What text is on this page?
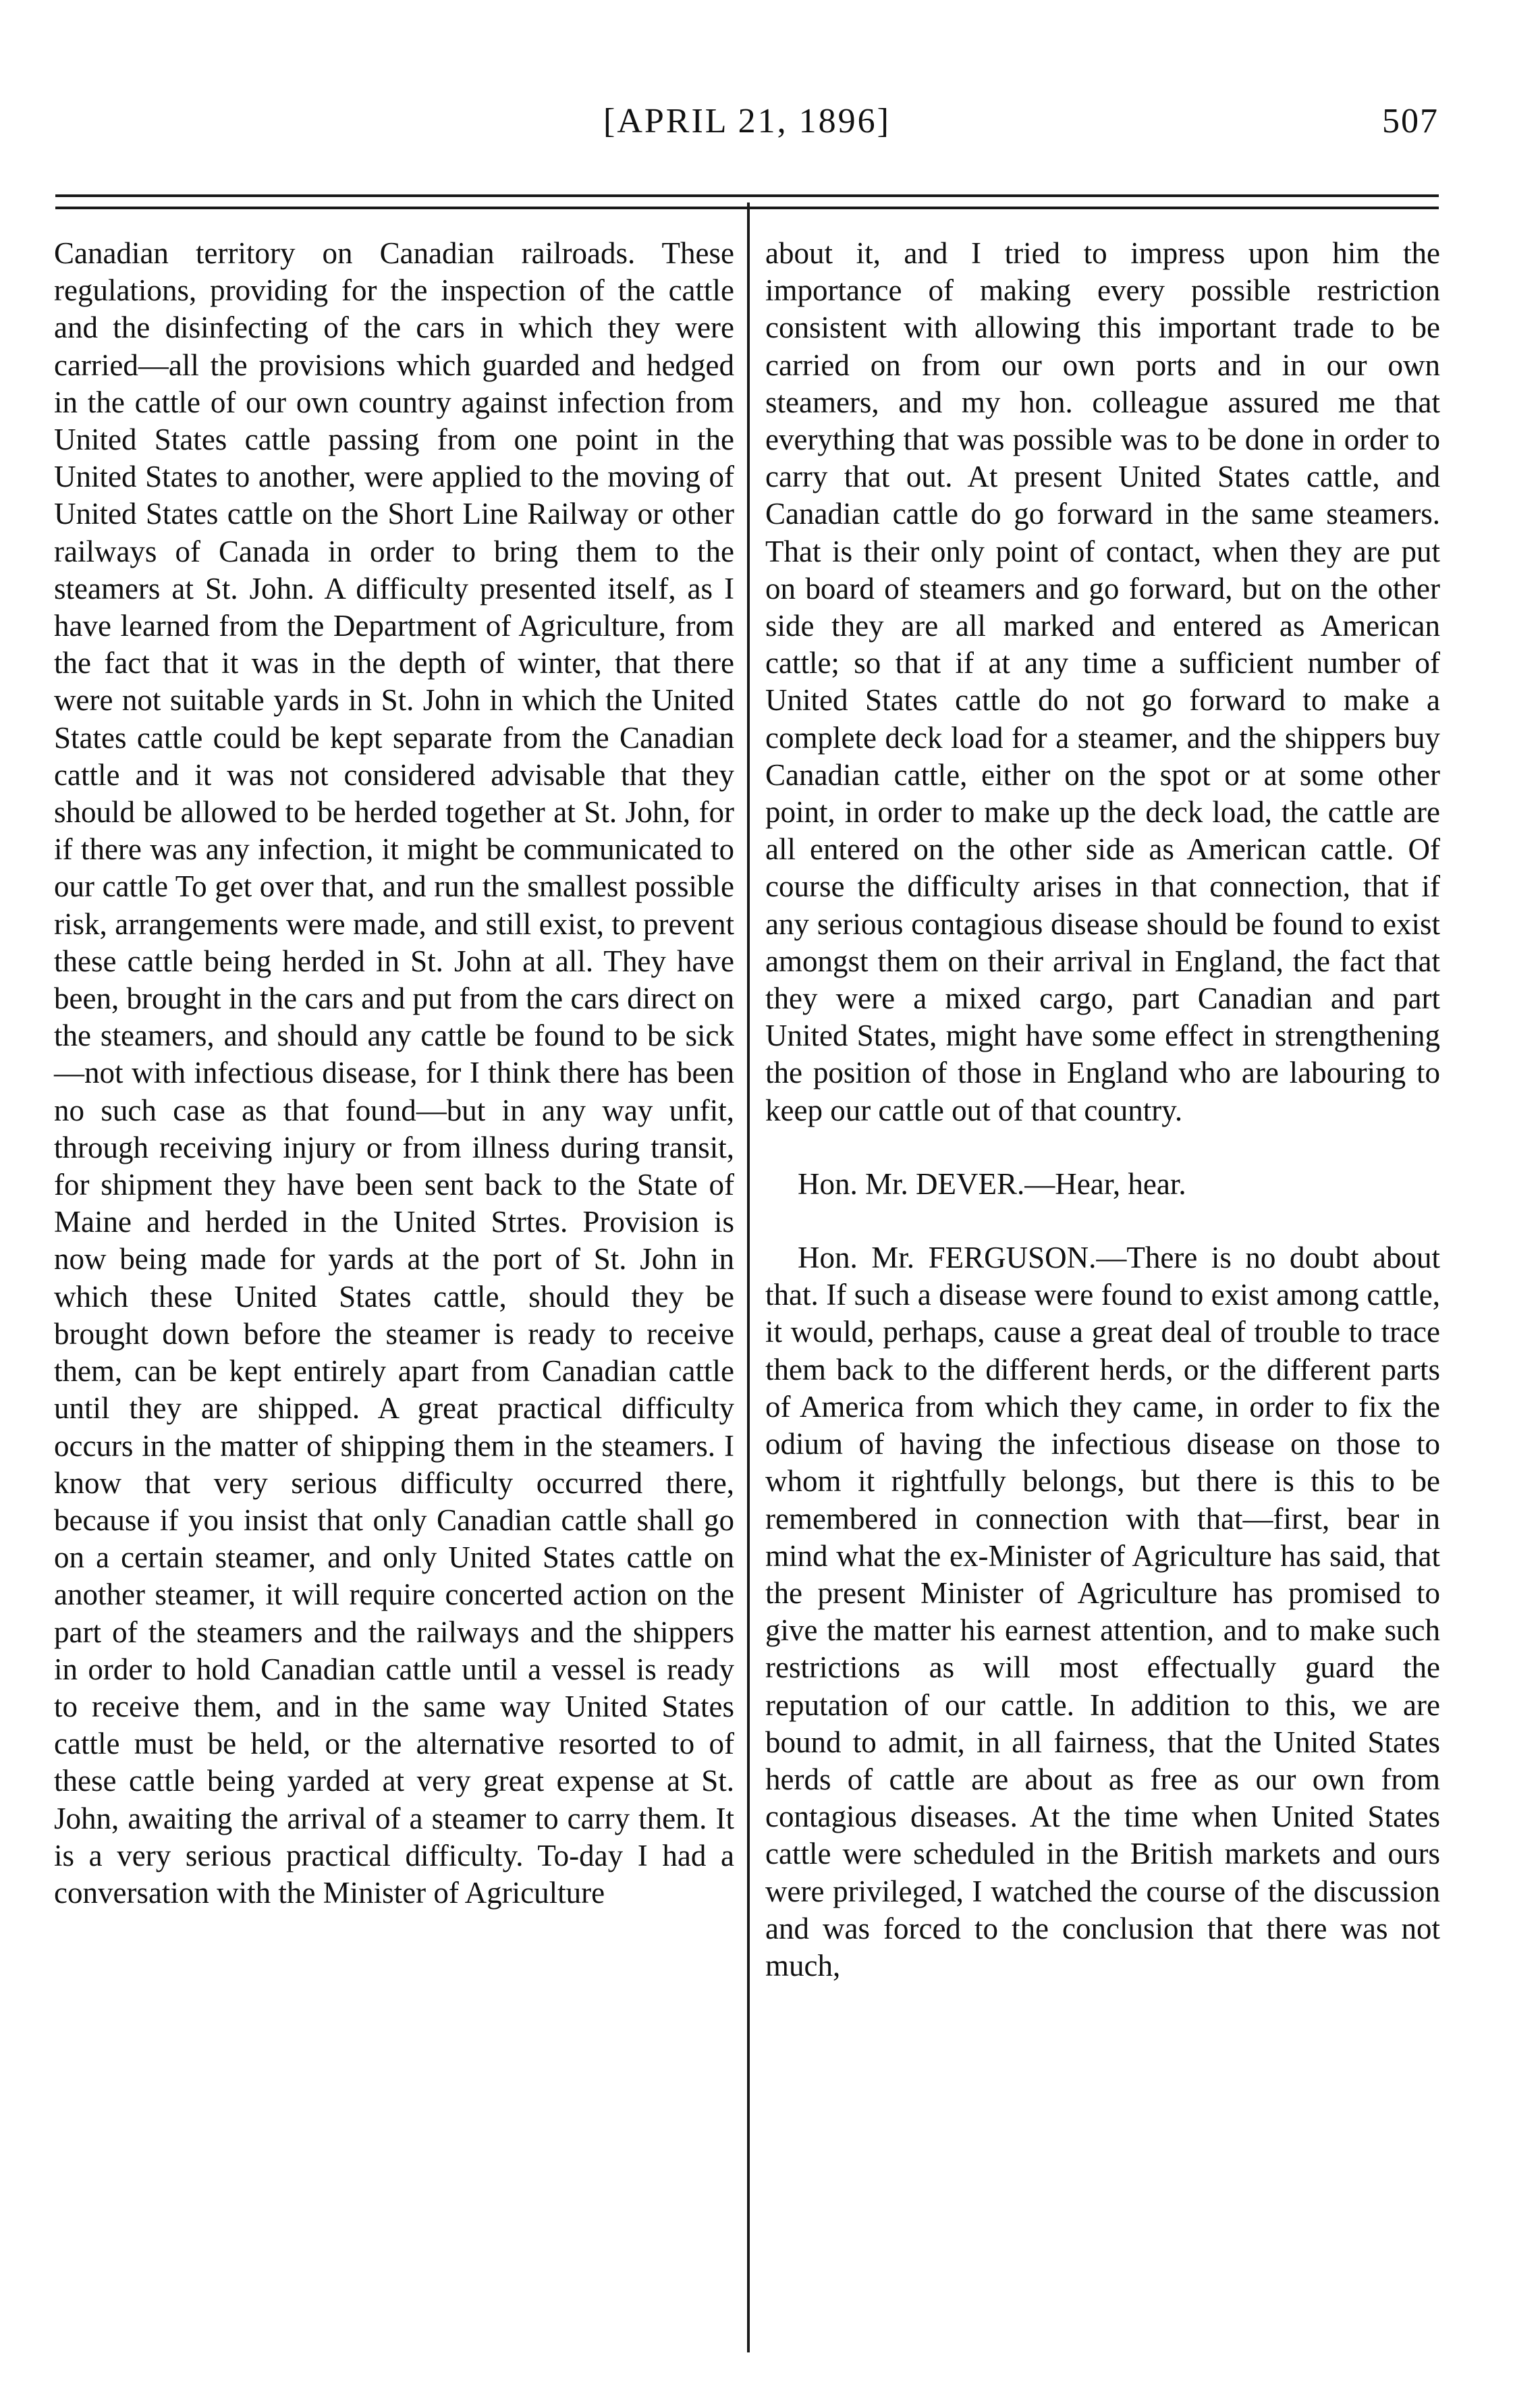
[APRIL 21, 1896]	507

Canadian territory on Canadian railroads. These regulations, providing for the inspection of the cattle and the disinfecting of the cars in which they were carried—all the provisions which guarded and hedged in the cattle of our own country against infection from United States cattle passing from one point in the United States to another, were applied to the moving of United States cattle on the Short Line Railway or other railways of Canada in order to bring them to the steamers at St. John. A difficulty presented itself, as I have learned from the Department of Agriculture, from the fact that it was in the depth of winter, that there were not suitable yards in St. John in which the United States cattle could be kept separate from the Canadian cattle and it was not considered advisable that they should be allowed to be herded together at St. John, for if there was any infection, it might be communicated to our cattle To get over that, and run the smallest possible risk, arrangements were made, and still exist, to prevent these cattle being herded in St. John at all. They have been, brought in the cars and put from the cars direct on the steamers, and should any cattle be found to be sick—not with infectious disease, for I think there has been no such case as that found—but in any way unfit, through receiving injury or from illness during transit, for shipment they have been sent back to the State of Maine and herded in the United Strtes. Provision is now being made for yards at the port of St. John in which these United States cattle, should they be brought down before the steamer is ready to receive them, can be kept entirely apart from Canadian cattle until they are shipped. A great practical difficulty occurs in the matter of shipping them in the steamers. I know that very serious difficulty occurred there, because if you insist that only Canadian cattle shall go on a certain steamer, and only United States cattle on another steamer, it will require concerted action on the part of the steamers and the railways and the shippers in order to hold Canadian cattle until a vessel is ready to receive them, and in the same way United States cattle must be held, or the alternative resorted to of these cattle being yarded at very great expense at St. John, awaiting the arrival of a steamer to carry them. It is a very serious practical difficulty. To-day I had a conversation with the Minister of Agriculture

about it, and I tried to impress upon him the importance of making every possible restriction consistent with allowing this important trade to be carried on from our own ports and in our own steamers, and my hon. colleague assured me that everything that was possible was to be done in order to carry that out. At present United States cattle, and Canadian cattle do go forward in the same steamers. That is their only point of contact, when they are put on board of steamers and go forward, but on the other side they are all marked and entered as American cattle; so that if at any time a sufficient number of United States cattle do not go forward to make a complete deck load for a steamer, and the shippers buy Canadian cattle, either on the spot or at some other point, in order to make up the deck load, the cattle are all entered on the other side as American cattle. Of course the difficulty arises in that connection, that if any serious contagious disease should be found to exist amongst them on their arrival in England, the fact that they were a mixed cargo, part Canadian and part United States, might have some effect in strengthening the position of those in England who are labouring to keep our cattle out of that country.

Hon. Mr. DEVER.—Hear, hear.

Hon. Mr. FERGUSON.—There is no doubt about that. If such a disease were found to exist among cattle, it would, perhaps, cause a great deal of trouble to trace them back to the different herds, or the different parts of America from which they came, in order to fix the odium of having the infectious disease on those to whom it rightfully belongs, but there is this to be remembered in connection with that—first, bear in mind what the ex-Minister of Agriculture has said, that the present Minister of Agriculture has promised to give the matter his earnest attention, and to make such restrictions as will most effectually guard the reputation of our cattle. In addition to this, we are bound to admit, in all fairness, that the United States herds of cattle are about as free as our own from contagious diseases. At the time when United States cattle were scheduled in the British markets and ours were privileged, I watched the course of the discussion and was forced to the conclusion that there was not much,
